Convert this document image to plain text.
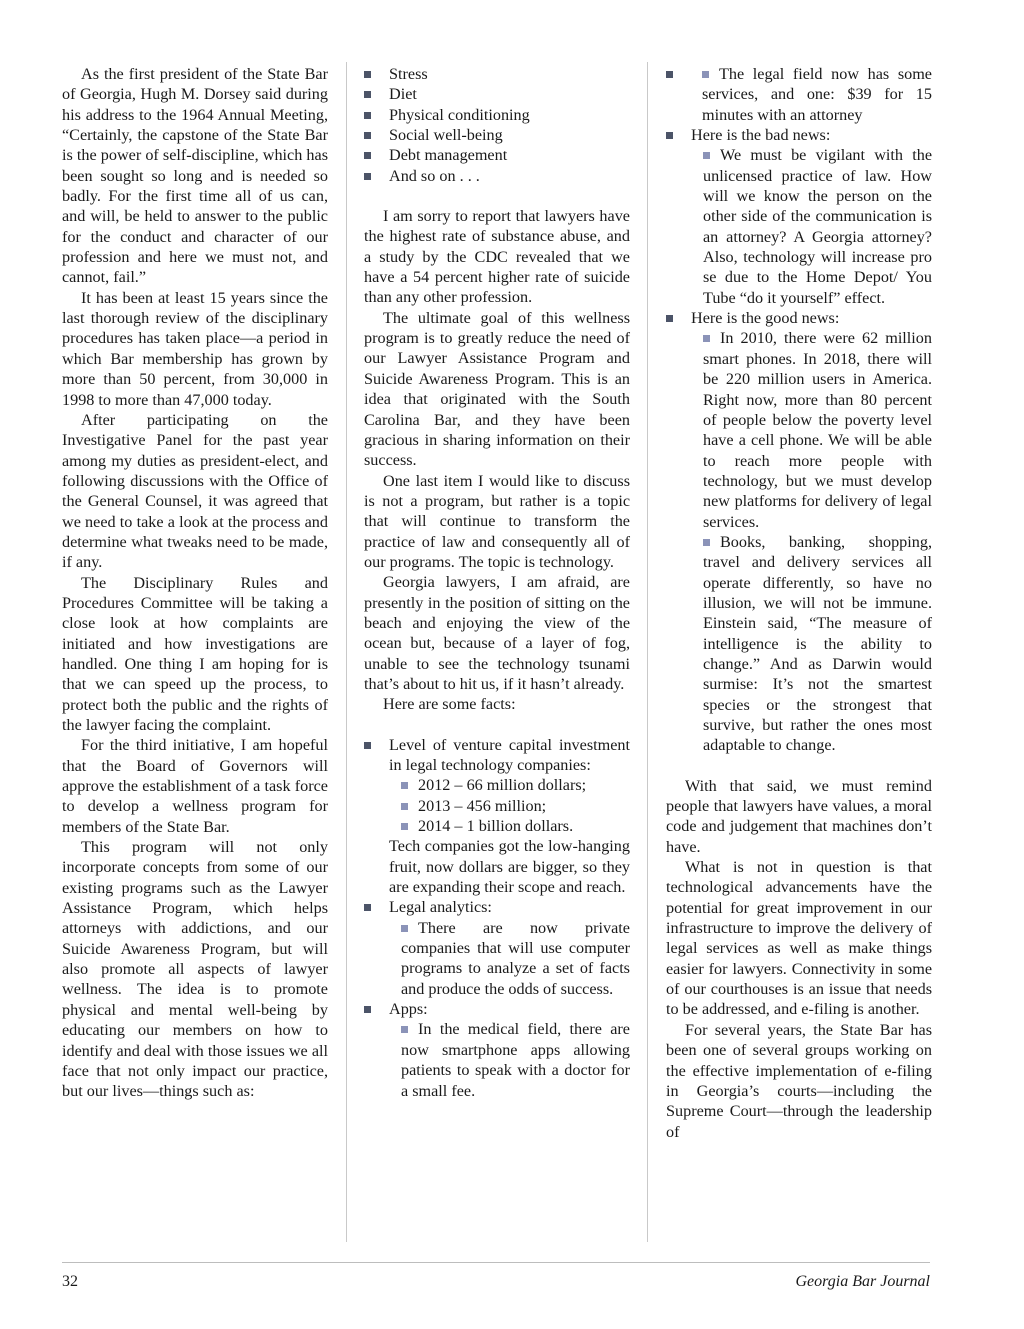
As the first president of the State Bar of Georgia, Hugh M. Dorsey said during his address to the 1964 Annual Meeting, “Certainly, the capstone of the State Bar is the power of self-discipline, which has been sought so long and is needed so badly. For the first time all of us can, and will, be held to answer to the public for the conduct and character of our profession and here we must not, and cannot, fail.”

It has been at least 15 years since the last thorough review of the disciplinary procedures has taken place—a period in which Bar membership has grown by more than 50 percent, from 30,000 in 1998 to more than 47,000 today.

After participating on the Investigative Panel for the past year among my duties as president-elect, and following discussions with the Office of the General Counsel, it was agreed that we need to take a look at the process and determine what tweaks need to be made, if any.

The Disciplinary Rules and Procedures Committee will be taking a close look at how complaints are initiated and how investigations are handled. One thing I am hoping for is that we can speed up the process, to protect both the public and the rights of the lawyer facing the complaint.

For the third initiative, I am hopeful that the Board of Governors will approve the establishment of a task force to develop a wellness program for members of the State Bar.

This program will not only incorporate concepts from some of our existing programs such as the Lawyer Assistance Program, which helps attorneys with addictions, and our Suicide Awareness Program, but will also promote all aspects of lawyer wellness. The idea is to promote physical and mental well-being by educating our members on how to identify and deal with those issues we all face that not only impact our practice, but our lives—things such as:

Stress
Diet
Physical conditioning
Social well-being
Debt management
And so on . . .

I am sorry to report that lawyers have the highest rate of substance abuse, and a study by the CDC revealed that we have a 54 percent higher rate of suicide than any other profession.

The ultimate goal of this wellness program is to greatly reduce the need of our Lawyer Assistance Program and Suicide Awareness Program. This is an idea that originated with the South Carolina Bar, and they have been gracious in sharing information on their success.

One last item I would like to discuss is not a program, but rather is a topic that will continue to transform the practice of law and consequently all of our programs. The topic is technology.

Georgia lawyers, I am afraid, are presently in the position of sitting on the beach and enjoying the view of the ocean but, because of a layer of fog, unable to see the technology tsunami that’s about to hit us, if it hasn’t already.

Here are some facts:

Level of venture capital investment in legal technology companies:
2012 – 66 million dollars;
2013 – 456 million;
2014 – 1 billion dollars.
Tech companies got the low-hanging fruit, now dollars are bigger, so they are expanding their scope and reach.
Legal analytics:
There are now private companies that will use computer programs to analyze a set of facts and produce the odds of success.
Apps:
In the medical field, there are now smartphone apps allowing patients to speak with a doctor for a small fee.
The legal field now has some services, and one: $39 for 15 minutes with an attorney
Here is the bad news:
We must be vigilant with the unlicensed practice of law. How will we know the person on the other side of the communication is an attorney? A Georgia attorney? Also, technology will increase pro se due to the Home Depot/ You Tube “do it yourself” effect.
Here is the good news:
In 2010, there were 62 million smart phones. In 2018, there will be 220 million users in America. Right now, more than 80 percent of people below the poverty level have a cell phone. We will be able to reach more people with technology, but we must develop new platforms for delivery of legal services.
Books, banking, shopping, travel and delivery services all operate differently, so have no illusion, we will not be immune. Einstein said, “The measure of intelligence is the ability to change.” And as Darwin would surmise: It’s not the smartest species or the strongest that survive, but rather the ones most adaptable to change.

With that said, we must remind people that lawyers have values, a moral code and judgement that machines don’t have.

What is not in question is that technological advancements have the potential for great improvement in our infrastructure to improve the delivery of legal services as well as make things easier for lawyers. Connectivity in some of our courthouses is an issue that needs to be addressed, and e-filing is another.

For several years, the State Bar has been one of several groups working on the effective implementation of e-filing in Georgia’s courts—including the Supreme Court—through the leadership of

32	Georgia Bar Journal
